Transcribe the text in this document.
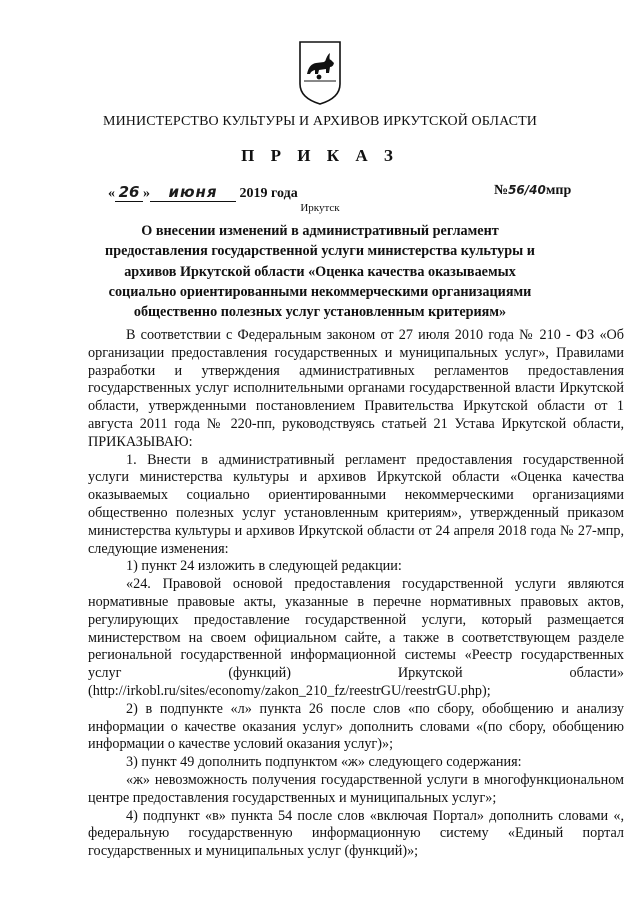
МИНИСТЕРСТВО КУЛЬТУРЫ И АРХИВОВ ИРКУТСКОЙ ОБЛАСТИ
П Р И К А З
« 26 » июня 2019 года	№56/40мпр
Иркутск
О внесении изменений в административный регламент предоставления государственной услуги министерства культуры и архивов Иркутской области «Оценка качества оказываемых социально ориентированными некоммерческими организациями общественно полезных услуг установленным критериям»

В соответствии с Федеральным законом от 27 июля 2010 года № 210 - ФЗ «Об организации предоставления государственных и муниципальных услуг», Правилами разработки и утверждения административных регламентов предоставления государственных услуг исполнительными органами государственной власти Иркутской области, утвержденными постановлением Правительства Иркутской области от 1 августа 2011 года № 220-пп, руководствуясь статьей 21 Устава Иркутской области, ПРИКАЗЫВАЮ:

1. Внести в административный регламент предоставления государственной услуги министерства культуры и архивов Иркутской области «Оценка качества оказываемых социально ориентированными некоммерческими организациями общественно полезных услуг установленным критериям», утвержденный приказом министерства культуры и архивов Иркутской области от 24 апреля 2018 года № 27-мпр, следующие изменения:

1) пункт 24 изложить в следующей редакции:

«24. Правовой основой предоставления государственной услуги являются нормативные правовые акты, указанные в перечне нормативных правовых актов, регулирующих предоставление государственной услуги, который размещается министерством на своем официальном сайте, а также в соответствующем разделе региональной государственной информационной системы «Реестр государственных услуг (функций) Иркутской области» (http://irkobl.ru/sites/economy/zakon_210_fz/reestrGU/reestrGU.php);

2) в подпункте «л» пункта 26 после слов «по сбору, обобщению и анализу информации о качестве оказания услуг» дополнить словами «(по сбору, обобщению информации о качестве условий оказания услуг)»;

3) пункт 49 дополнить подпунктом «ж» следующего содержания:

«ж» невозможность получения государственной услуги в многофункциональном центре предоставления государственных и муниципальных услуг»;

4) подпункт «в» пункта 54 после слов «включая Портал» дополнить словами «, федеральную государственную информационную систему «Единый портал государственных и муниципальных услуг (функций)»;
